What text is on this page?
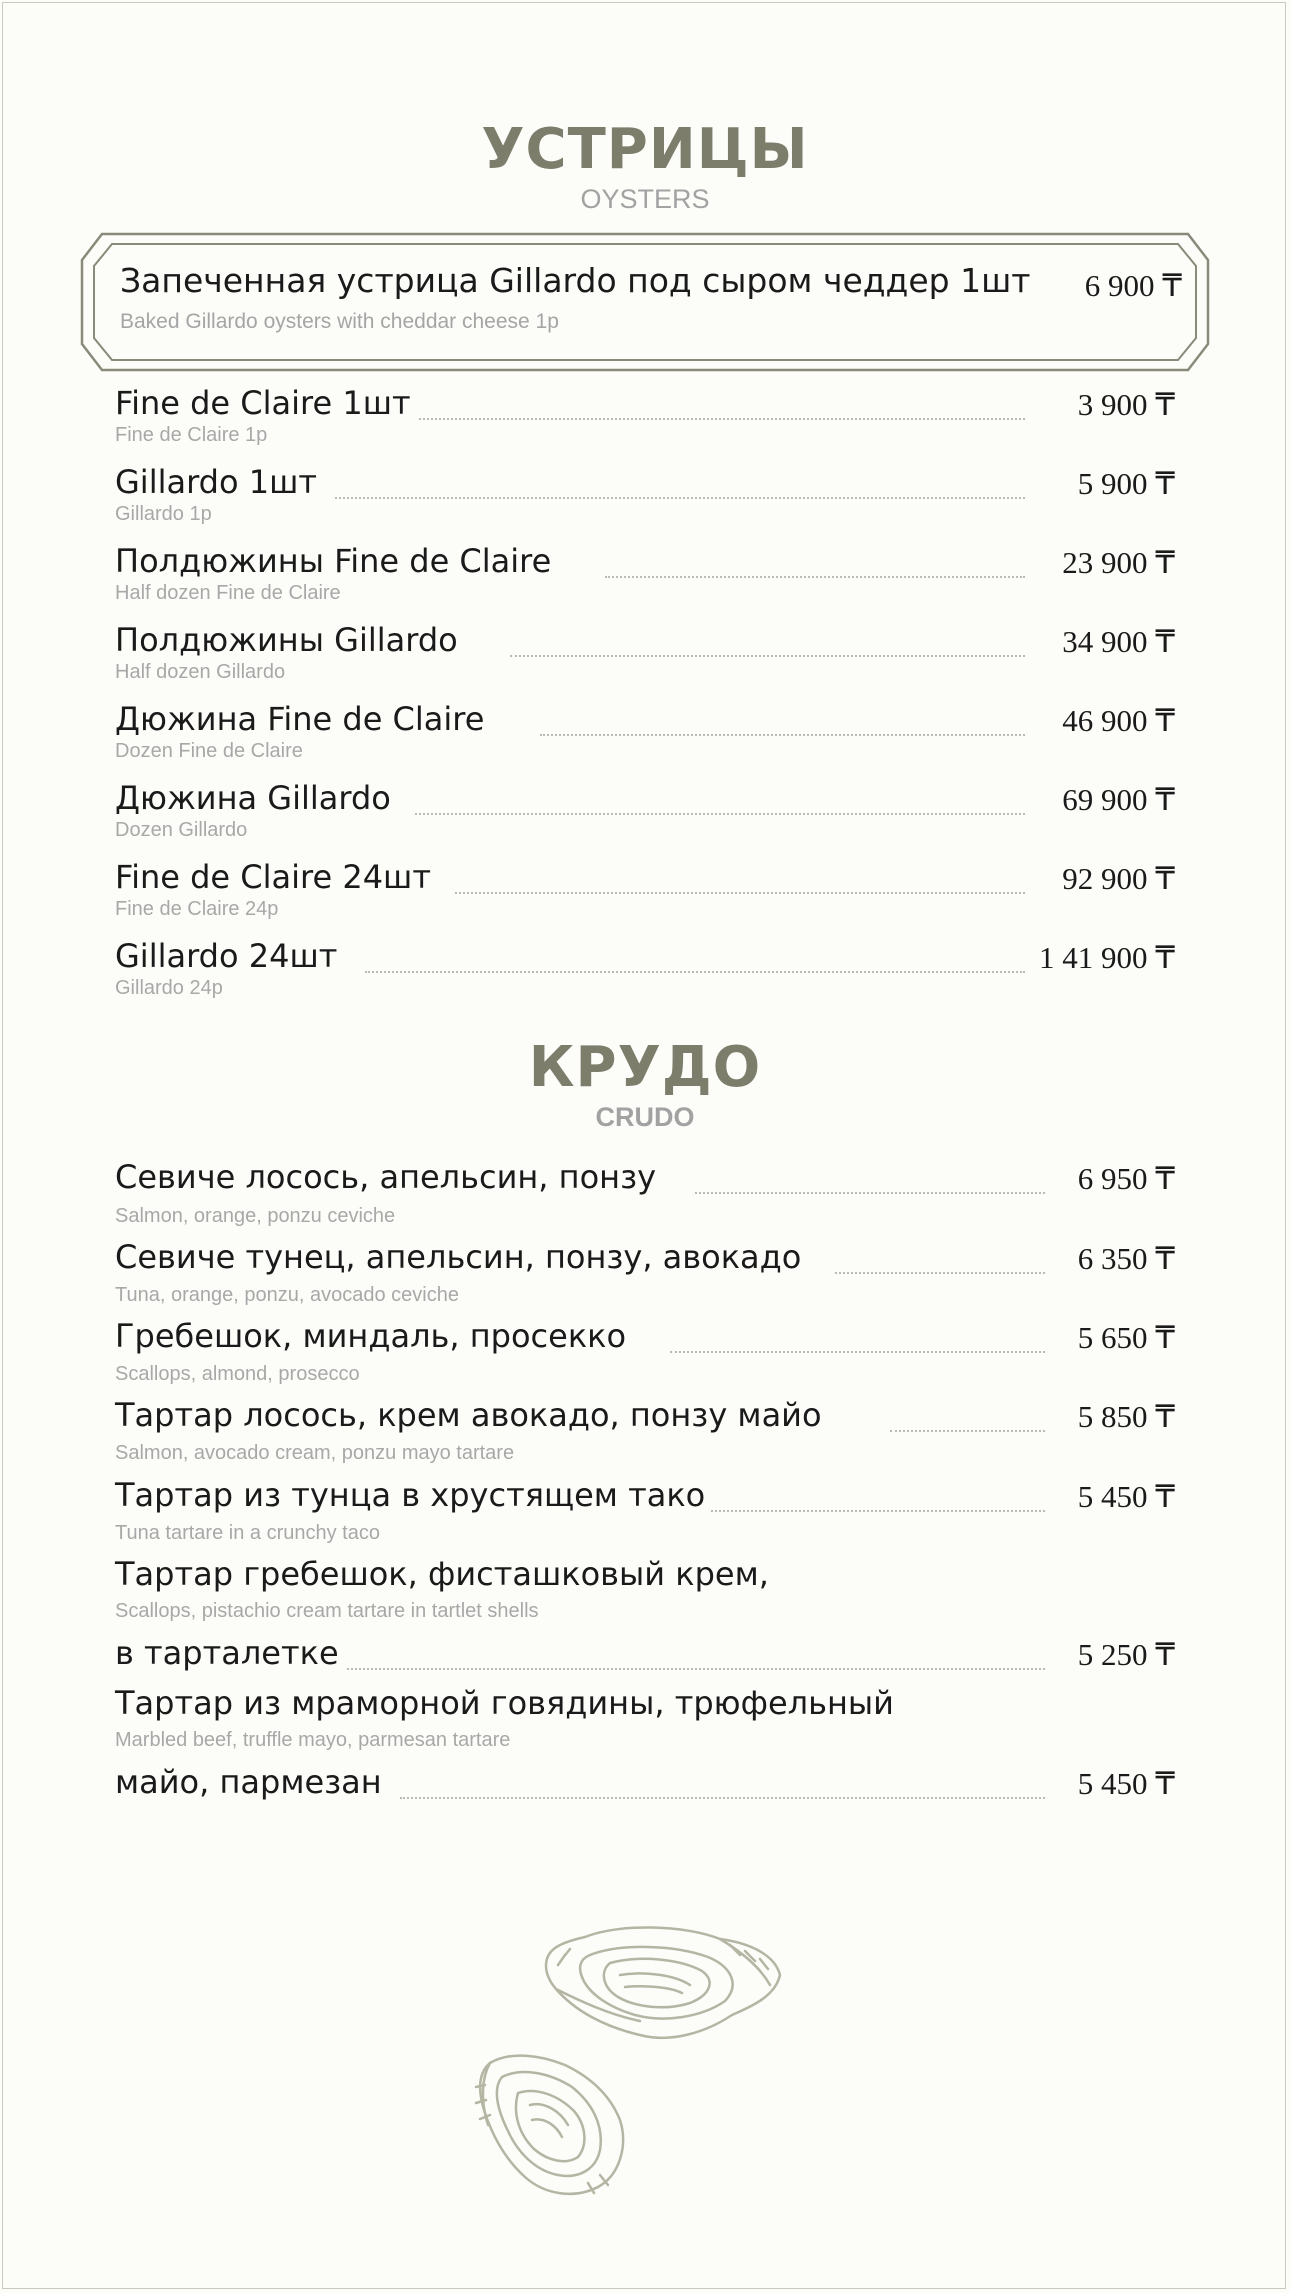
УСТРИЦЫ
OYSTERS
Запеченная устрица Gillardo под сыром чеддер 1шт
Baked Gillardo oysters with cheddar cheese 1p
6 900 ₸
Fine de Claire 1шт	3 900 ₸
Fine de Claire 1p
Gillardo 1шт	5 900 ₸
Gillardo 1p
Полдюжины Fine de Claire	23 900 ₸
Half dozen Fine de Claire
Полдюжины Gillardo	34 900 ₸
Half dozen Gillardo
Дюжина Fine de Claire	46 900 ₸
Dozen Fine de Claire
Дюжина Gillardo	69 900 ₸
Dozen Gillardo
Fine de Claire 24шт	92 900 ₸
Fine de Claire 24p
Gillardo 24шт	1 41 900 ₸
Gillardo 24p
КРУДО
CRUDO
Севиче лосось, апельсин, понзу	6 950 ₸
Salmon, orange, ponzu ceviche
Севиче тунец, апельсин, понзу, авокадо	6 350 ₸
Tuna, orange, ponzu, avocado ceviche
Гребешок, миндаль, просекко	5 650 ₸
Scallops, almond, prosecco
Тартар лосось, крем авокадо, понзу майо	5 850 ₸
Salmon, avocado cream, ponzu mayo tartare
Тартар из тунца в хрустящем тако	5 450 ₸
Tuna tartare in a crunchy taco
Тартар гребешок, фисташковый крем,
Scallops, pistachio cream tartare in tartlet shells
в тарталетке	5 250 ₸
Тартар из мраморной говядины, трюфельный
Marbled beef, truffle mayo, parmesan tartare
майо, пармезан	5 450 ₸
